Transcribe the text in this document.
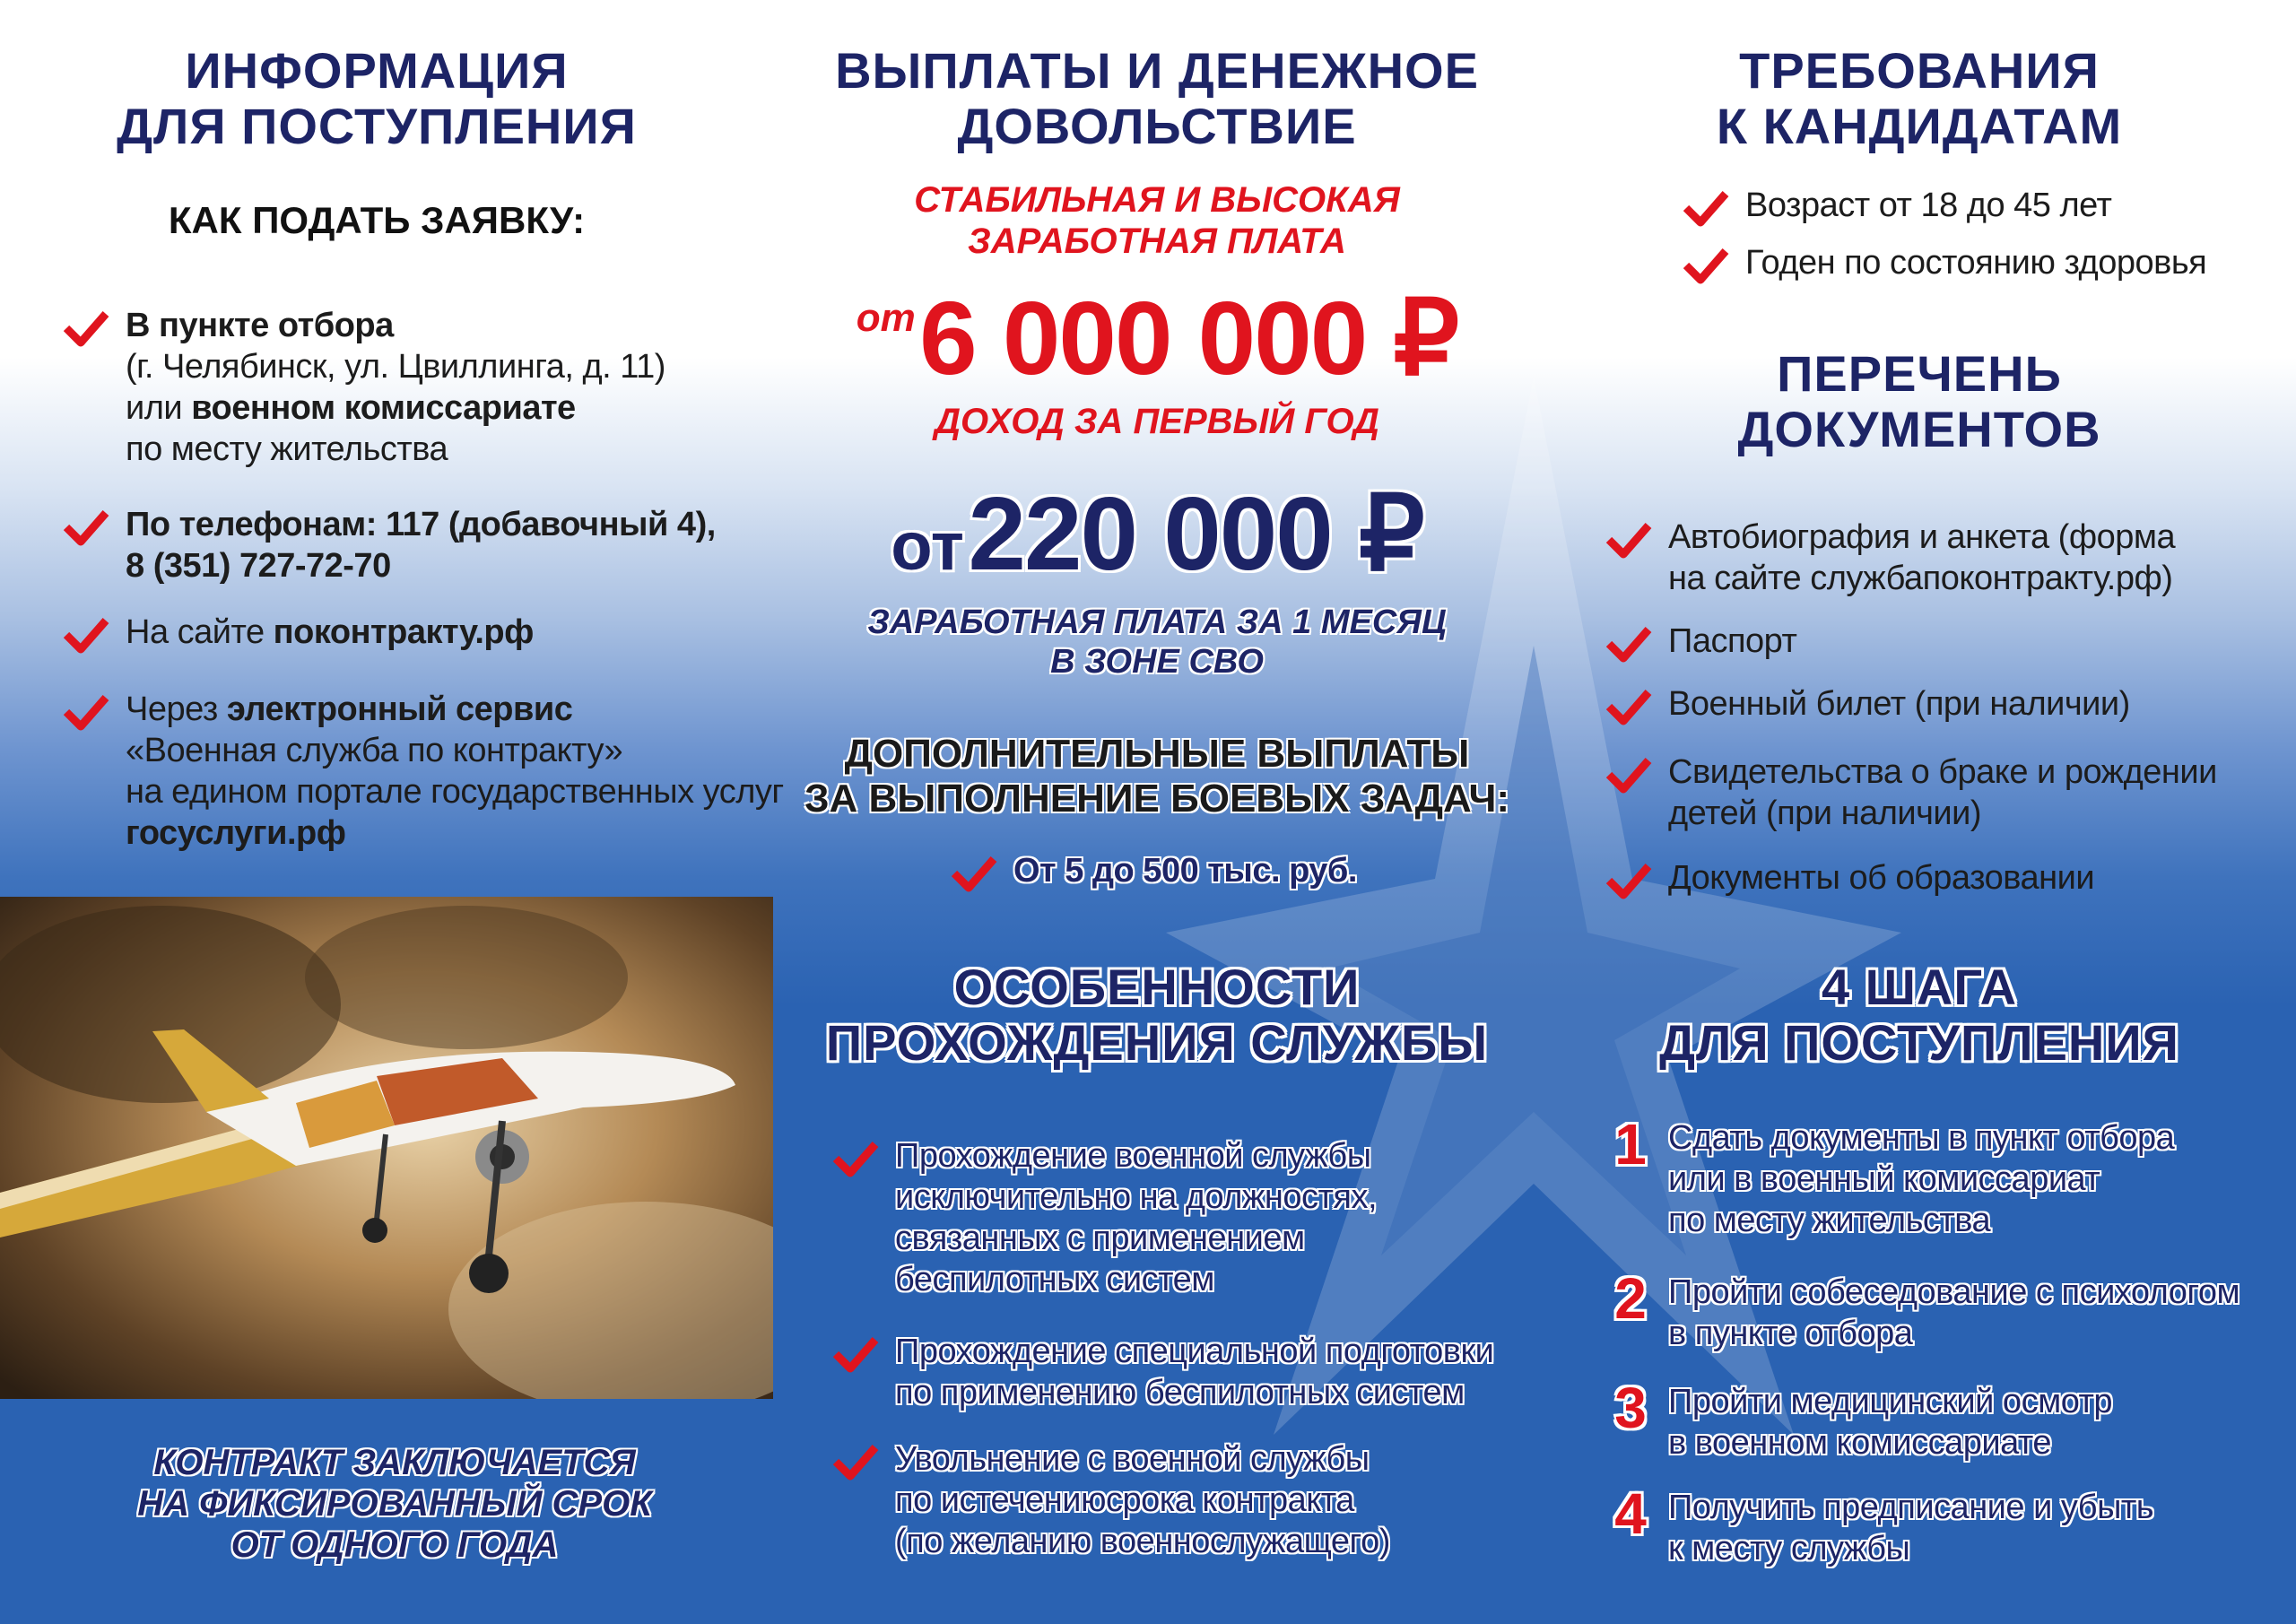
ИНФОРМАЦИЯ

ДЛЯ ПОСТУПЛЕНИЯ

КАК ПОДАТЬ ЗАЯВКУ:

В пункте отбора
(г. Челябинск, ул. Цвиллинга, д. 11)
или военном комиссариате
по месту жительства
По телефонам: 117 (добавочный 4),
8 (351) 727-72-70
На сайте поконтракту.рф
Через электронный сервис
«Военная служба по контракту»
на едином портале государственных услуг
госуслуги.рф
КОНТРАКТ ЗАКЛЮЧАЕТСЯ
НА ФИКСИРОВАННЫЙ СРОК
ОТ ОДНОГО ГОДА

ВЫПЛАТЫ И ДЕНЕЖНОЕ

ДОВОЛЬСТВИЕ

СТАБИЛЬНАЯ И ВЫСОКАЯ
ЗАРАБОТНАЯ ПЛАТА
от 6 000 000 ₽
ДОХОД ЗА ПЕРВЫЙ ГОД
от 220 000 ₽
ЗАРАБОТНАЯ ПЛАТА ЗА 1 МЕСЯЦ
В ЗОНЕ СВО
ДОПОЛНИТЕЛЬНЫЕ ВЫПЛАТЫ
ЗА ВЫПОЛНЕНИЕ БОЕВЫХ ЗАДАЧ:
От 5 до 500 тыс. руб.

ОСОБЕННОСТИ

ПРОХОЖДЕНИЯ СЛУЖБЫ

Прохождение военной службы
исключительно на должностях,
связанных с применением
беспилотных систем
Прохождение специальной подготовки
по применению беспилотных систем
Увольнение с военной службы
по истечениюсрока контракта
(по желанию военнослужащего)

ТРЕБОВАНИЯ

К КАНДИДАТАМ

Возраст от 18 до 45 лет
Годен по состоянию здоровья

ПЕРЕЧЕНЬ

ДОКУМЕНТОВ

Автобиография и анкета (форма
на сайте службапоконтракту.рф)
Паспорт
Военный билет (при наличии)
Свидетельства о браке и рождении
детей (при наличии)
Документы об образовании

4 ШАГА

ДЛЯ ПОСТУПЛЕНИЯ

1 Сдать документы в пункт отбора
или в военный комиссариат
по месту жительства
2 Пройти собеседование с психологом
в пункте отбора
3 Пройти медицинский осмотр
в военном комиссариате
4 Получить предписание и убыть
к месту службы
